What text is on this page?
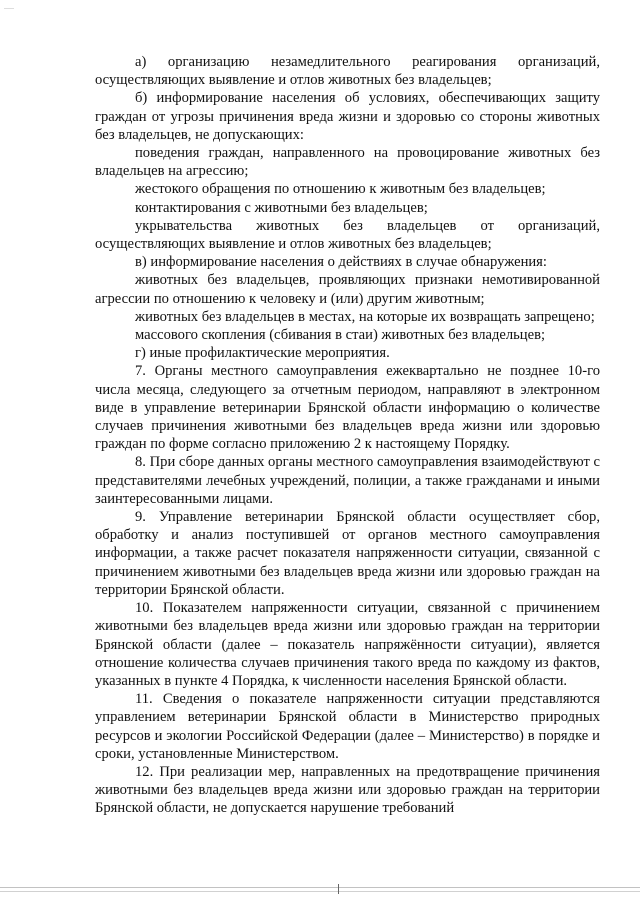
а) организацию незамедлительного реагирования организаций, осуществляющих выявление и отлов животных без владельцев;

б) информирование населения об условиях, обеспечивающих защиту граждан от угрозы причинения вреда жизни и здоровью со стороны животных без владельцев, не допускающих:

поведения граждан, направленного на провоцирование животных без владельцев на агрессию;

жестокого обращения по отношению к животным без владельцев;

контактирования с животными без владельцев;

укрывательства животных без владельцев от организаций, осуществляющих выявление и отлов животных без владельцев;

в) информирование населения о действиях в случае обнаружения:

животных без владельцев, проявляющих признаки немотивированной агрессии по отношению к человеку и (или) другим животным;

животных без владельцев в местах, на которые их возвращать запрещено;

массового скопления (сбивания в стаи) животных без владельцев;

г) иные профилактические мероприятия.

7. Органы местного самоуправления ежеквартально не позднее 10-го числа месяца, следующего за отчетным периодом, направляют в электронном виде в управление ветеринарии Брянской области информацию о количестве случаев причинения животными без владельцев вреда жизни или здоровью граждан по форме согласно приложению 2 к настоящему Порядку.

8. При сборе данных органы местного самоуправления взаимодействуют с представителями лечебных учреждений, полиции, а также гражданами и иными заинтересованными лицами.

9. Управление ветеринарии Брянской области осуществляет сбор, обработку и анализ поступившей от органов местного самоуправления информации, а также расчет показателя напряженности ситуации, связанной с причинением животными без владельцев вреда жизни или здоровью граждан на территории Брянской области.

10. Показателем напряженности ситуации, связанной с причинением животными без владельцев вреда жизни или здоровью граждан на территории Брянской области (далее – показатель напряжённости ситуации), является отношение количества случаев причинения такого вреда по каждому из фактов, указанных в пункте 4 Порядка, к численности населения Брянской области.

11. Сведения о показателе напряженности ситуации представляются управлением ветеринарии Брянской области в Министерство природных ресурсов и экологии Российской Федерации (далее – Министерство) в порядке и сроки, установленные Министерством.

12. При реализации мер, направленных на предотвращение причинения животными без владельцев вреда жизни или здоровью граждан на территории Брянской области, не допускается нарушение требований
